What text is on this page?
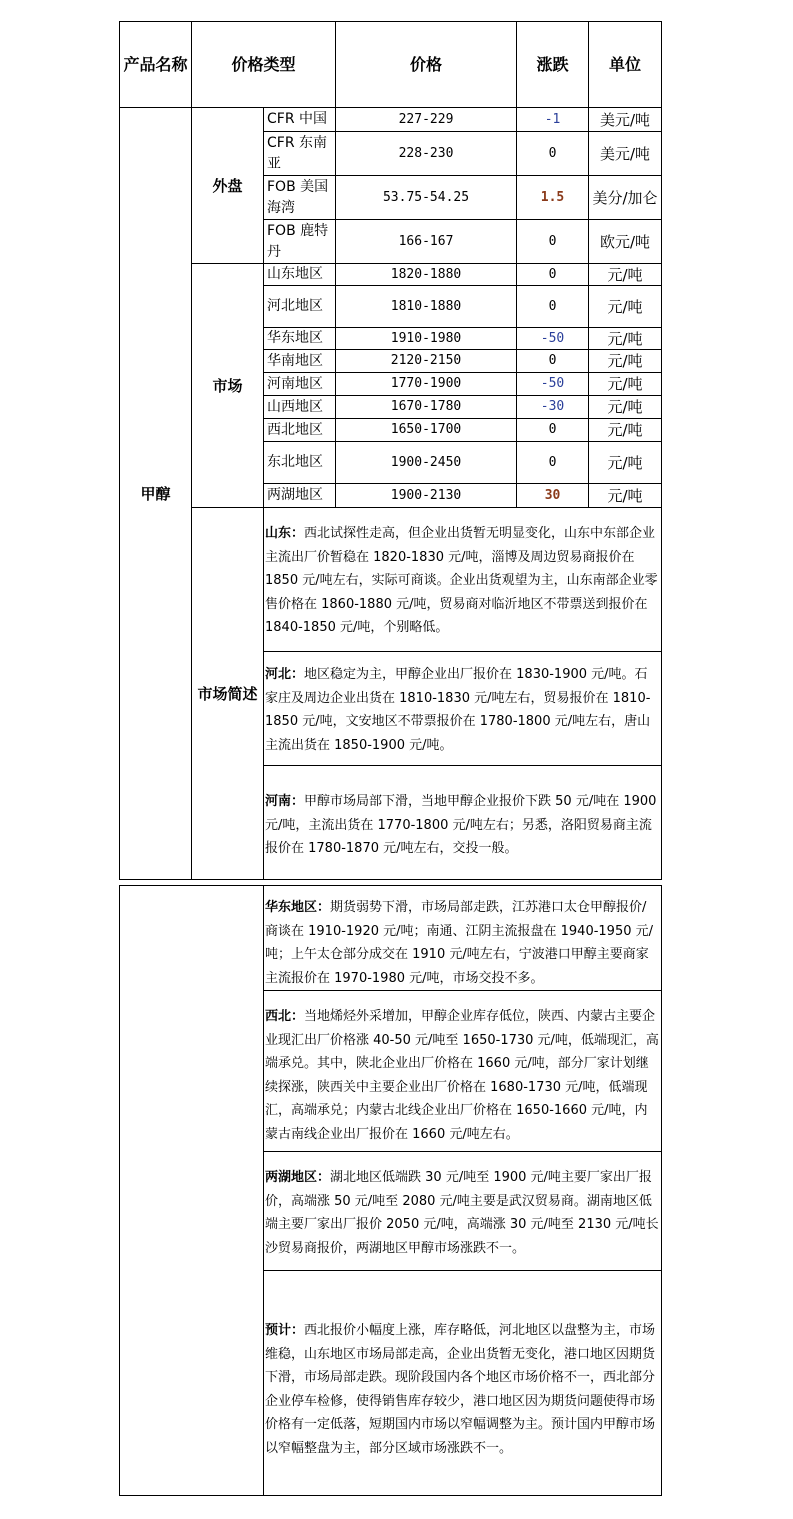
产品名称	价格类型		价格	涨跌	单位
甲醇	外盘	CFR 中国	227-229	-1	美元/吨
		CFR 东南亚	228-230	0	美元/吨
		FOB 美国海湾	53.75-54.25	1.5	美分/加仑
		FOB 鹿特丹	166-167	0	欧元/吨
	市场	山东地区	1820-1880	0	元/吨
		河北地区	1810-1880	0	元/吨
		华东地区	1910-1980	-50	元/吨
		华南地区	2120-2150	0	元/吨
		河南地区	1770-1900	-50	元/吨
		山西地区	1670-1780	-30	元/吨
		西北地区	1650-1700	0	元/吨
		东北地区	1900-2450	0	元/吨
		两湖地区	1900-2130	30	元/吨
	市场简述	山东：西北试探性走高，但企业出货暂无明显变化，山东中东部企业主流出厂价暂稳在 1820-1830 元/吨，淄博及周边贸易商报价在 1850 元/吨左右，实际可商谈。企业出货观望为主，山东南部企业零售价格在 1860-1880 元/吨，贸易商对临沂地区不带票送到报价在 1840-1850 元/吨，个别略低。			
		河北：地区稳定为主，甲醇企业出厂报价在 1830-1900 元/吨。石家庄及周边企业出货在 1810-1830 元/吨左右，贸易报价在 1810-1850 元/吨，文安地区不带票报价在 1780-1800 元/吨左右，唐山主流出货在 1850-1900 元/吨。			
		河南：甲醇市场局部下滑，当地甲醇企业报价下跌 50 元/吨在 1900 元/吨，主流出货在 1770-1800 元/吨左右；另悉，洛阳贸易商主流报价在 1780-1870 元/吨左右，交投一般。			
	华东地区：期货弱势下滑，市场局部走跌，江苏港口太仓甲醇报价/商谈在 1910-1920 元/吨；南通、江阴主流报盘在 1940-1950 元/吨；上午太仓部分成交在 1910 元/吨左右，宁波港口甲醇主要商家主流报价在 1970-1980 元/吨，市场交投不多。
西北：当地烯烃外采增加，甲醇企业库存低位，陕西、内蒙古主要企业现汇出厂价格涨 40-50 元/吨至 1650-1730 元/吨，低端现汇，高端承兑。其中，陕北企业出厂价格在 1660 元/吨，部分厂家计划继续探涨，陕西关中主要企业出厂价格在 1680-1730 元/吨，低端现汇，高端承兑；内蒙古北线企业出厂价格在 1650-1660 元/吨，内蒙古南线企业出厂报价在 1660 元/吨左右。
两湖地区：湖北地区低端跌 30 元/吨至 1900 元/吨主要厂家出厂报价，高端涨 50 元/吨至 2080 元/吨主要是武汉贸易商。湖南地区低端主要厂家出厂报价 2050 元/吨，高端涨 30 元/吨至 2130 元/吨长沙贸易商报价，两湖地区甲醇市场涨跌不一。
预计：西北报价小幅度上涨，库存略低，河北地区以盘整为主，市场维稳，山东地区市场局部走高，企业出货暂无变化，港口地区因期货下滑，市场局部走跌。现阶段国内各个地区市场价格不一，西北部分企业停车检修，使得销售库存较少，港口地区因为期货问题使得市场价格有一定低落，短期国内市场以窄幅调整为主。预计国内甲醇市场以窄幅整盘为主，部分区域市场涨跌不一。
